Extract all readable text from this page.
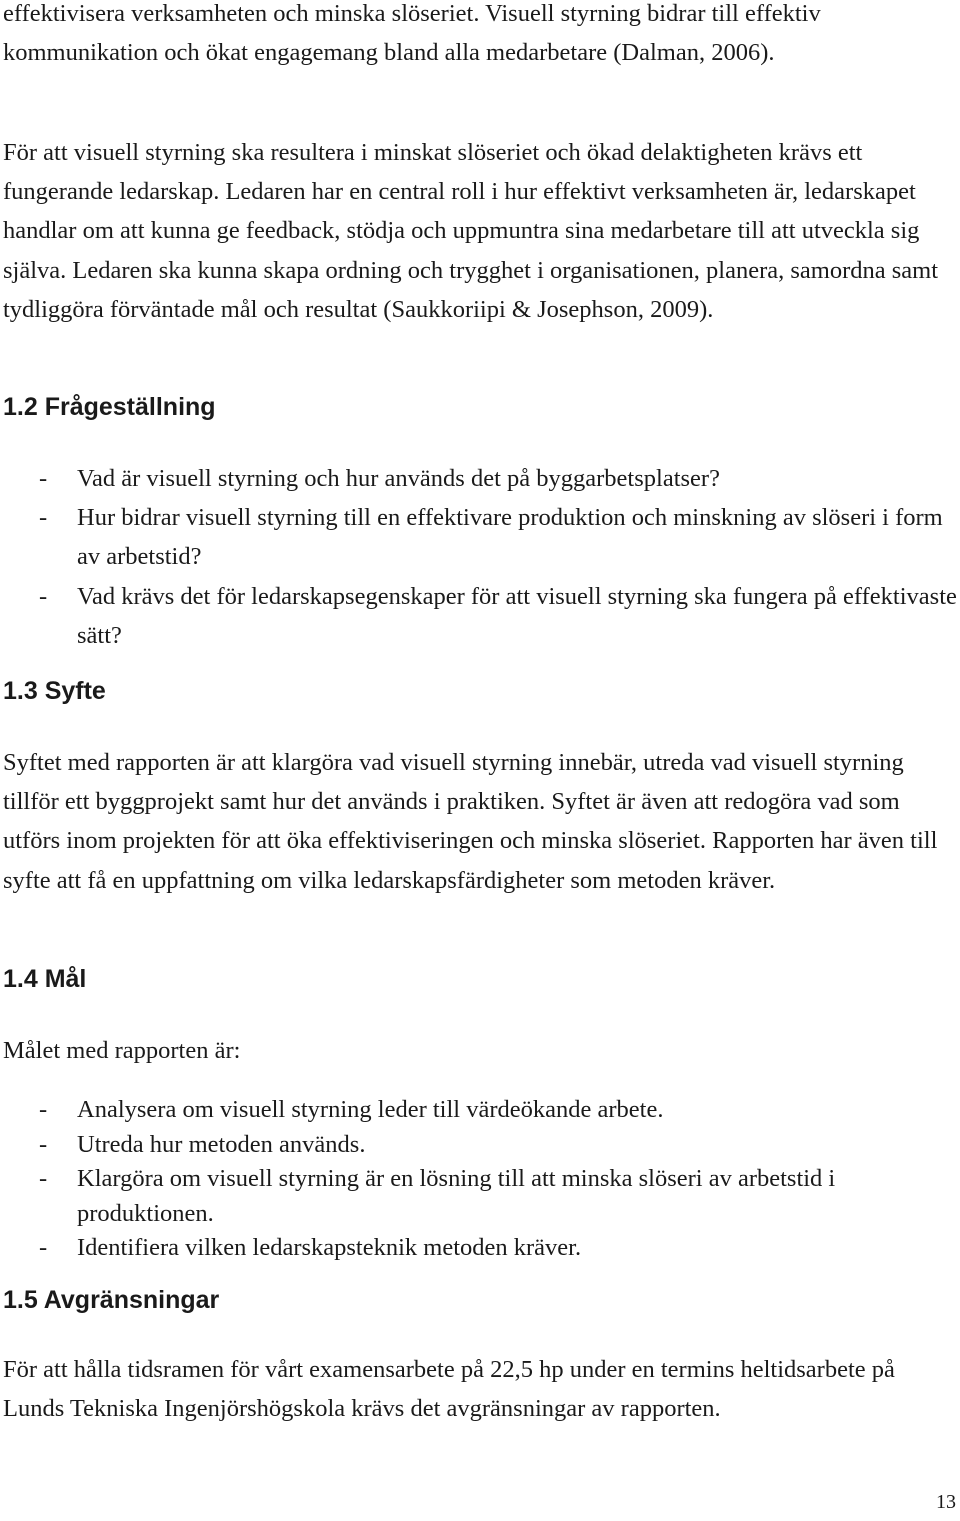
effektivisera verksamheten och minska slöseriet. Visuell styrning bidrar till effektiv kommunikation och ökat engagemang bland alla medarbetare (Dalman, 2006).

För att visuell styrning ska resultera i minskat slöseriet och ökad delaktigheten krävs ett fungerande ledarskap. Ledaren har en central roll i hur effektivt verksamheten är, ledarskapet handlar om att kunna ge feedback, stödja och uppmuntra sina medarbetare till att utveckla sig själva. Ledaren ska kunna skapa ordning och trygghet i organisationen, planera, samordna samt tydliggöra förväntade mål och resultat (Saukkoriipi & Josephson, 2009).

1.2 Frågeställning
- Vad är visuell styrning och hur används det på byggarbetsplatser?
- Hur bidrar visuell styrning till en effektivare produktion och minskning av slöseri i form av arbetstid?
- Vad krävs det för ledarskapsegenskaper för att visuell styrning ska fungera på effektivaste sätt?
1.3 Syfte

Syftet med rapporten är att klargöra vad visuell styrning innebär, utreda vad visuell styrning tillför ett byggprojekt samt hur det används i praktiken. Syftet är även att redogöra vad som utförs inom projekten för att öka effektiviseringen och minska slöseriet. Rapporten har även till syfte att få en uppfattning om vilka ledarskapsfärdigheter som metoden kräver.

1.4 Mål

Målet med rapporten är:

- Analysera om visuell styrning leder till värdeökande arbete.
- Utreda hur metoden används.
- Klargöra om visuell styrning är en lösning till att minska slöseri av arbetstid i produktionen.
- Identifiera vilken ledarskapsteknik metoden kräver.
1.5 Avgränsningar

För att hålla tidsramen för vårt examensarbete på 22,5 hp under en termins heltidsarbete på Lunds Tekniska Ingenjörshögskola krävs det avgränsningar av rapporten.

13
